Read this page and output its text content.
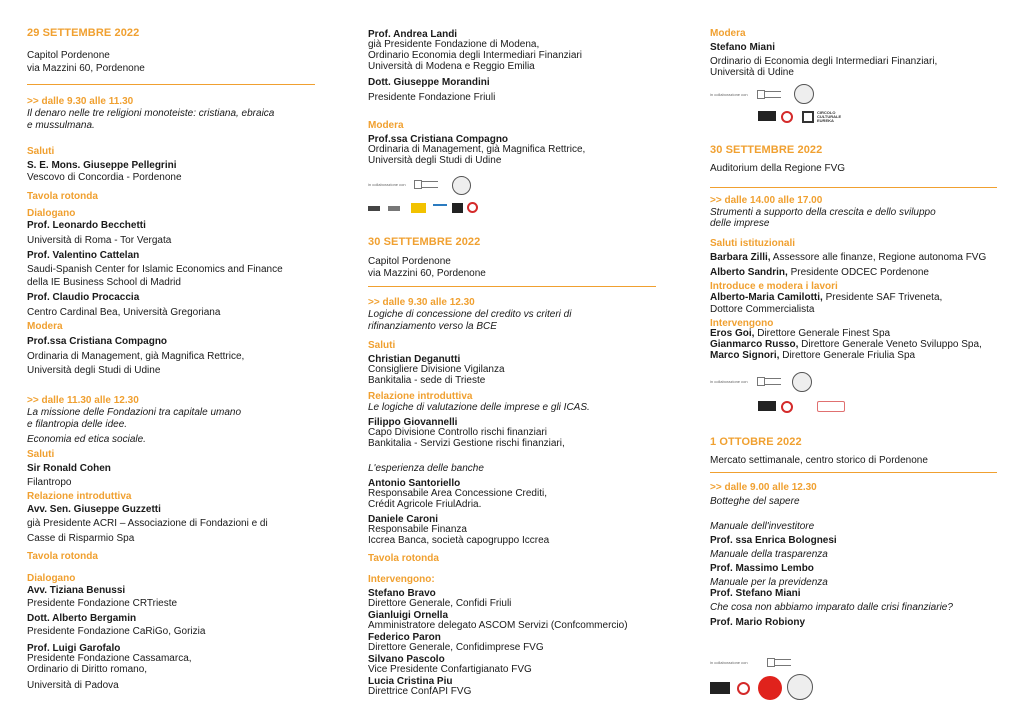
29 SETTEMBRE 2022
Capitol Pordenone
via Mazzini 60, Pordenone
>> dalle 9.30 alle 11.30
Il denaro nelle tre religioni monoteiste: cristiana, ebraica
e mussulmana.
Saluti
S. E. Mons. Giuseppe Pellegrini
Vescovo di Concordia - Pordenone
Tavola rotonda
Dialogano
Prof. Leonardo Becchetti
Università di Roma - Tor Vergata
Prof. Valentino Cattelan
Saudi-Spanish Center for Islamic Economics and Finance
della IE Business School di Madrid
Prof. Claudio Procaccia
Centro Cardinal Bea, Università Gregoriana
Modera
Prof.ssa Cristiana Compagno
Ordinaria di Management, già Magnifica Rettrice,
Università degli Studi di Udine
>> dalle 11.30 alle 12.30
La missione delle Fondazioni tra capitale umano
e filantropia delle idee.
Economia ed etica sociale.
Saluti
Sir Ronald Cohen
Filantropo
Relazione introduttiva
Avv. Sen. Giuseppe Guzzetti
già Presidente ACRI – Associazione di Fondazioni e di
Casse di Risparmio Spa
Tavola rotonda
Dialogano
Avv. Tiziana Benussi
Presidente Fondazione CRTrieste
Dott. Alberto Bergamin
Presidente Fondazione CaRiGo, Gorizia
Prof. Luigi Garofalo
Presidente Fondazione Cassamarca,
Ordinario di Diritto romano,
Università di Padova
Prof. Andrea Landi
già Presidente Fondazione di Modena,
Ordinario Economia degli Intermediari Finanziari
Università di Modena e Reggio Emilia
Dott. Giuseppe Morandini
Presidente Fondazione Friuli
Modera
Prof.ssa Cristiana Compagno
Ordinaria di Management, già Magnifica Rettrice,
Università degli Studi di Udine
in collaborazione con
30 SETTEMBRE 2022
Capitol Pordenone
via Mazzini 60, Pordenone
>> dalle 9.30 alle 12.30
Logiche di concessione del credito vs criteri di
rifinanziamento verso la BCE
Saluti
Christian Deganutti
Consigliere Divisione Vigilanza
Bankitalia - sede di Trieste
Relazione introduttiva
Le logiche di valutazione delle imprese e gli ICAS.
Filippo Giovannelli
Capo Divisione Controllo rischi finanziari
Bankitalia - Servizi Gestione rischi finanziari,
L'esperienza delle banche
Antonio Santoriello
Responsabile Area Concessione Crediti,
Crédit Agricole FriulAdria.
Daniele Caroni
Responsabile Finanza
Iccrea Banca, società capogruppo Iccrea
Tavola rotonda
Intervengono:
Stefano Bravo
Direttore Generale, Confidi Friuli
Gianluigi Ornella
Amministratore delegato ASCOM Servizi (Confcommercio)
Federico Paron
Direttore Generale, Confidimprese FVG
Silvano Pascolo
Vice Presidente Confartigianato FVG
Lucia Cristina Piu
Direttrice ConfAPI FVG
Modera
Stefano Miani
Ordinario di Economia degli Intermediari Finanziari,
Università di Udine
in collaborazione con
CIRCOLO CULTURALE EUREKA
30 SETTEMBRE 2022
Auditorium della Regione FVG
>> dalle 14.00 alle 17.00
Strumenti a supporto della crescita e dello sviluppo
delle imprese
Saluti istituzionali
Barbara Zilli, Assessore alle finanze, Regione autonoma FVG
Alberto Sandrin, Presidente ODCEC Pordenone
Introduce e modera i lavori
Alberto-Maria Camilotti, Presidente SAF Triveneta,
Dottore Commercialista
Intervengono
Eros Goi, Direttore Generale Finest Spa
Gianmarco Russo, Direttore Generale Veneto Sviluppo Spa,
Marco Signori, Direttore Generale Friulia Spa
in collaborazione con
1 OTTOBRE 2022
Mercato settimanale, centro storico di Pordenone
>> dalle 9.00 alle 12.30
Botteghe del sapere
Manuale dell'investitore
Prof. ssa Enrica Bolognesi
Manuale della trasparenza
Prof. Massimo Lembo
Manuale per la previdenza
Prof. Stefano Miani
Che cosa non abbiamo imparato dalle crisi finanziarie?
Prof. Mario Robiony
in collaborazione con
